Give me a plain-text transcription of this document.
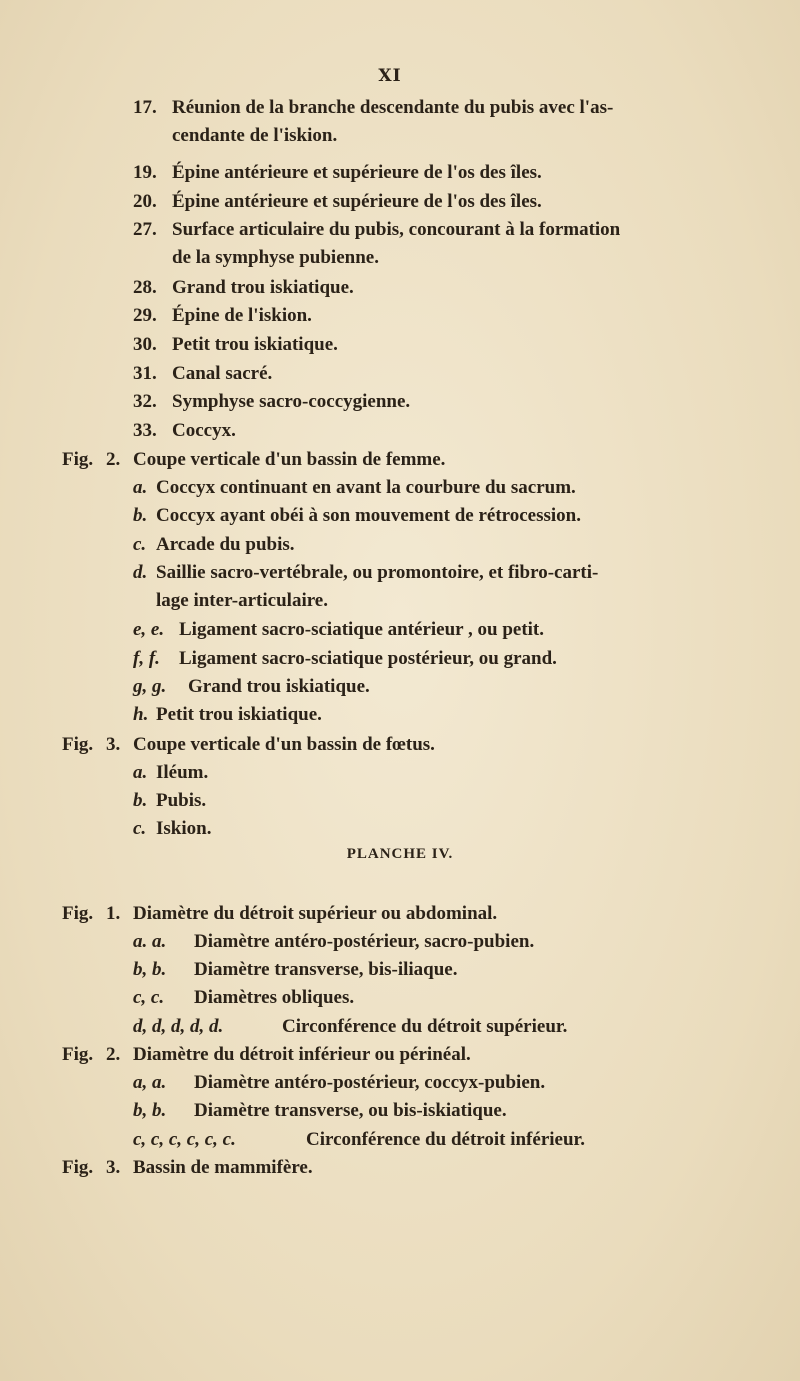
XI
17. Réunion de la branche descendante du pubis avec l'as-
cendante de l'iskion.
19. Épine antérieure et supérieure de l'os des îles.
20. Épine antérieure et supérieure de l'os des îles.
27. Surface articulaire du pubis, concourant à la formation
de la symphyse pubienne.
28. Grand trou iskiatique.
29. Épine de l'iskion.
30. Petit trou iskiatique.
31. Canal sacré.
32. Symphyse sacro-coccygienne.
33. Coccyx.
Fig. 2. Coupe verticale d'un bassin de femme.
a. Coccyx continuant en avant la courbure du sacrum.
b. Coccyx ayant obéi à son mouvement de rétrocession.
c. Arcade du pubis.
d. Saillie sacro-vertébrale, ou promontoire, et fibro-carti-
lage inter-articulaire.
e, e. Ligament sacro-sciatique antérieur , ou petit.
f, f. Ligament sacro-sciatique postérieur, ou grand.
g, g. Grand trou iskiatique.
h. Petit trou iskiatique.
Fig. 3. Coupe verticale d'un bassin de fœtus.
a. Iléum.
b. Pubis.
c. Iskion.
PLANCHE IV.
Fig. 1. Diamètre du détroit supérieur ou abdominal.
a. a. Diamètre antéro-postérieur, sacro-pubien.
b, b. Diamètre transverse, bis-iliaque.
c, c. Diamètres obliques.
d, d, d, d, d.	Circonférence du détroit supérieur.
Fig. 2. Diamètre du détroit inférieur ou périnéal.
a, a. Diamètre antéro-postérieur, coccyx-pubien.
b, b. Diamètre transverse, ou bis-iskiatique.
c, c, c, c, c, c.	Circonférence du détroit inférieur.
Fig. 3. Bassin de mammifère.
